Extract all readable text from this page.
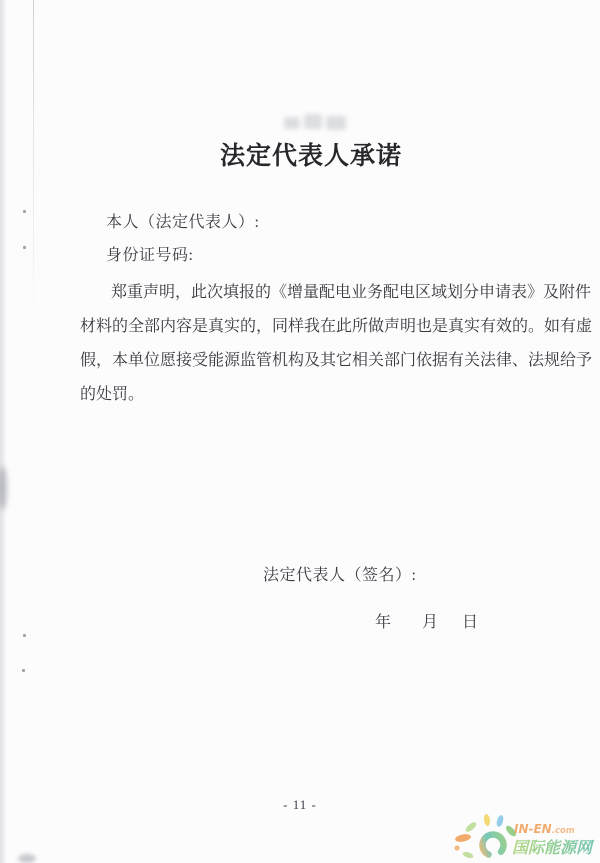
法定代表人承诺
本人（法定代表人）:
身份证号码:
郑重声明，此次填报的《增量配电业务配电区域划分申请表》及附件
材料的全部内容是真实的，同样我在此所做声明也是真实有效的。如有虚
假，本单位愿接受能源监管机构及其它相关部门依据有关法律、法规给予
的处罚。
法定代表人（签名）:
年 月 日
- 11 -
IN-EN.com
国际能源网
